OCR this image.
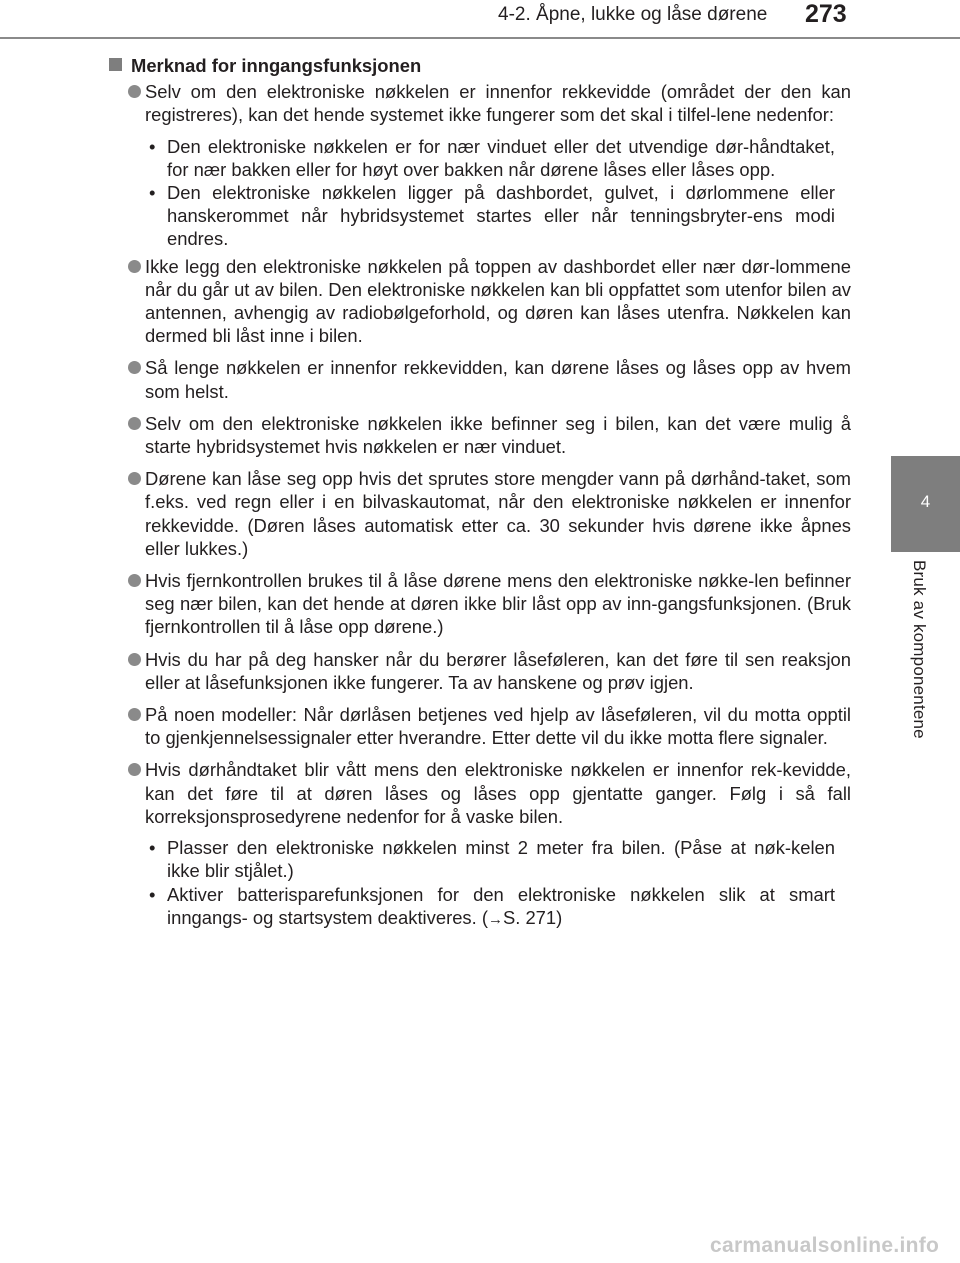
4-2. Åpne, lukke og låse dørene 273
4
Bruk av komponentene
Merknad for inngangsfunksjonen
Selv om den elektroniske nøkkelen er innenfor rekkevidde (området der den kan registreres), kan det hende systemet ikke fungerer som det skal i tilfel-lene nedenfor:
• Den elektroniske nøkkelen er for nær vinduet eller det utvendige dør-håndtaket, for nær bakken eller for høyt over bakken når dørene låses eller låses opp.
• Den elektroniske nøkkelen ligger på dashbordet, gulvet, i dørlommene eller hanskerommet når hybridsystemet startes eller når tenningsbryter-ens modi endres.
Ikke legg den elektroniske nøkkelen på toppen av dashbordet eller nær dør-lommene når du går ut av bilen. Den elektroniske nøkkelen kan bli oppfattet som utenfor bilen av antennen, avhengig av radiobølgeforhold, og døren kan låses utenfra. Nøkkelen kan dermed bli låst inne i bilen.
Så lenge nøkkelen er innenfor rekkevidden, kan dørene låses og låses opp av hvem som helst.
Selv om den elektroniske nøkkelen ikke befinner seg i bilen, kan det være mulig å starte hybridsystemet hvis nøkkelen er nær vinduet.
Dørene kan låse seg opp hvis det sprutes store mengder vann på dørhånd-taket, som f.eks. ved regn eller i en bilvaskautomat, når den elektroniske nøkkelen er innenfor rekkevidde. (Døren låses automatisk etter ca. 30 sekunder hvis dørene ikke åpnes eller lukkes.)
Hvis fjernkontrollen brukes til å låse dørene mens den elektroniske nøkke-len befinner seg nær bilen, kan det hende at døren ikke blir låst opp av inn-gangsfunksjonen. (Bruk fjernkontrollen til å låse opp dørene.)
Hvis du har på deg hansker når du berører låseføleren, kan det føre til sen reaksjon eller at låsefunksjonen ikke fungerer. Ta av hanskene og prøv igjen.
På noen modeller: Når dørlåsen betjenes ved hjelp av låseføleren, vil du motta opptil to gjenkjennelsessignaler etter hverandre. Etter dette vil du ikke motta flere signaler.
Hvis dørhåndtaket blir vått mens den elektroniske nøkkelen er innenfor rek-kevidde, kan det føre til at døren låses og låses opp gjentatte ganger. Følg i så fall korreksjonsprosedyrene nedenfor for å vaske bilen.
• Plasser den elektroniske nøkkelen minst 2 meter fra bilen. (Påse at nøk-kelen ikke blir stjålet.)
• Aktiver batterisparefunksjonen for den elektroniske nøkkelen slik at smart inngangs- og startsystem deaktiveres. (→S. 271)
carmanualsonline.info
